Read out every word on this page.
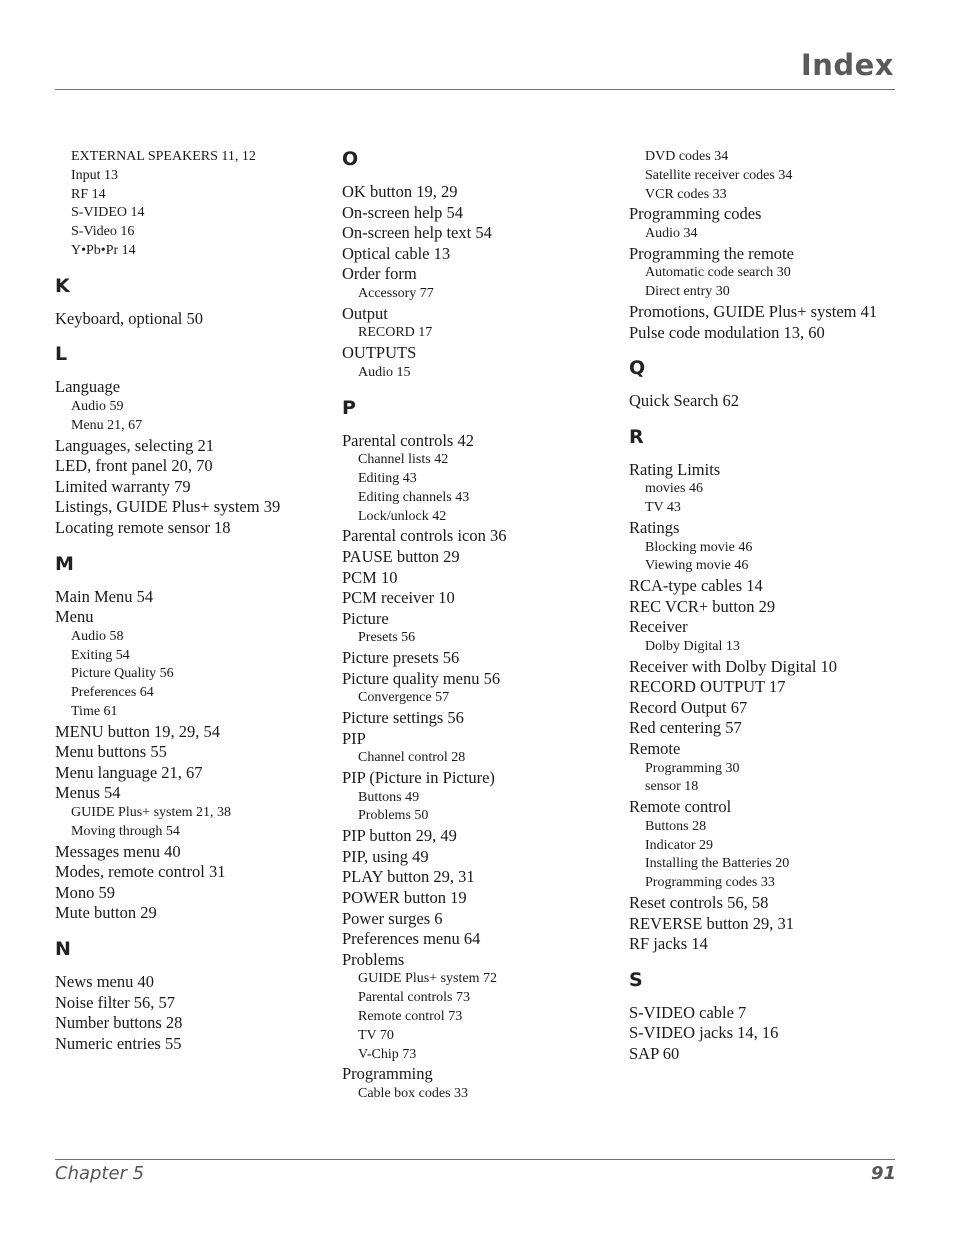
Index
EXTERNAL SPEAKERS 11, 12
Input 13
RF 14
S-VIDEO 14
S-Video 16
Y•Pb•Pr 14
K
Keyboard, optional 50
L
Language
Audio 59
Menu 21, 67
Languages, selecting 21
LED, front panel 20, 70
Limited warranty 79
Listings, GUIDE Plus+ system 39
Locating remote sensor 18
M
Main Menu 54
Menu
Audio 58
Exiting 54
Picture Quality 56
Preferences 64
Time 61
MENU button 19, 29, 54
Menu buttons 55
Menu language 21, 67
Menus 54
GUIDE Plus+ system 21, 38
Moving through 54
Messages menu 40
Modes, remote control 31
Mono 59
Mute button 29
N
News menu 40
Noise filter 56, 57
Number buttons 28
Numeric entries 55
O
OK button 19, 29
On-screen help 54
On-screen help text 54
Optical cable 13
Order form
Accessory 77
Output
RECORD 17
OUTPUTS
Audio 15
P
Parental controls 42
Channel lists 42
Editing 43
Editing channels 43
Lock/unlock 42
Parental controls icon 36
PAUSE button 29
PCM 10
PCM receiver 10
Picture
Presets 56
Picture presets 56
Picture quality menu 56
Convergence 57
Picture settings 56
PIP
Channel control 28
PIP (Picture in Picture)
Buttons 49
Problems 50
PIP button 29, 49
PIP, using 49
PLAY button 29, 31
POWER button 19
Power surges 6
Preferences menu 64
Problems
GUIDE Plus+ system 72
Parental controls 73
Remote control 73
TV 70
V-Chip 73
Programming
Cable box codes 33
DVD codes 34
Satellite receiver codes 34
VCR codes 33
Programming codes
Audio 34
Programming the remote
Automatic code search 30
Direct entry 30
Promotions, GUIDE Plus+ system 41
Pulse code modulation 13, 60
Q
Quick Search 62
R
Rating Limits
movies 46
TV 43
Ratings
Blocking movie 46
Viewing movie 46
RCA-type cables 14
REC VCR+ button 29
Receiver
Dolby Digital 13
Receiver with Dolby Digital 10
RECORD OUTPUT 17
Record Output 67
Red centering 57
Remote
Programming 30
sensor 18
Remote control
Buttons 28
Indicator 29
Installing the Batteries 20
Programming codes 33
Reset controls 56, 58
REVERSE button 29, 31
RF jacks 14
S
S-VIDEO cable 7
S-VIDEO jacks 14, 16
SAP 60
Chapter 5	91
